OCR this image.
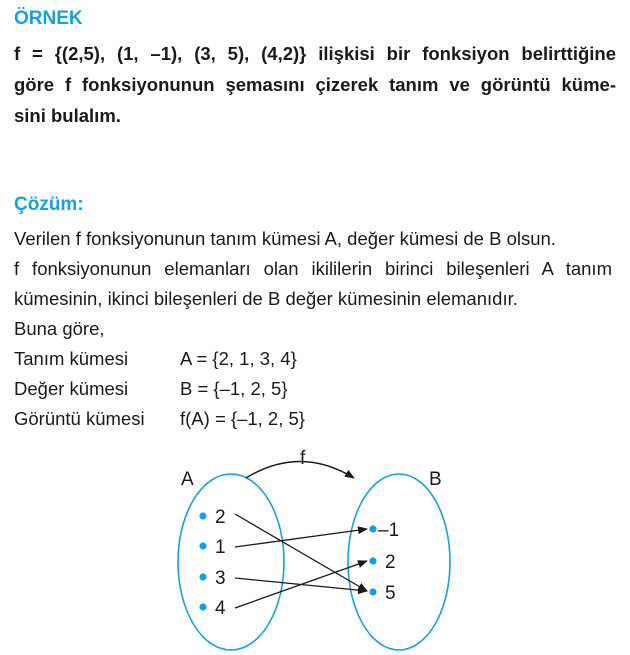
ÖRNEK
f = {(2,5), (1, –1), (3, 5), (4,2)} ilişkisi bir fonksiyon belirttiğine
göre f fonksiyonunun şemasını çizerek tanım ve görüntü küme-
sini bulalım.
Çözüm:
Verilen f fonksiyonunun tanım kümesi A, değer kümesi de B olsun.
f fonksiyonunun elemanları olan ikililerin birinci bileşenleri A tanım
kümesinin, ikinci bileşenleri de B değer kümesinin elemanıdır.
Buna göre,
Tanım kümesi	A = {2, 1, 3, 4}
Değer kümesi	B = {–1, 2, 5}
Görüntü kümesi f(A) = {–1, 2, 5}
A	B
f
2
1
3
4
–1
2
5
